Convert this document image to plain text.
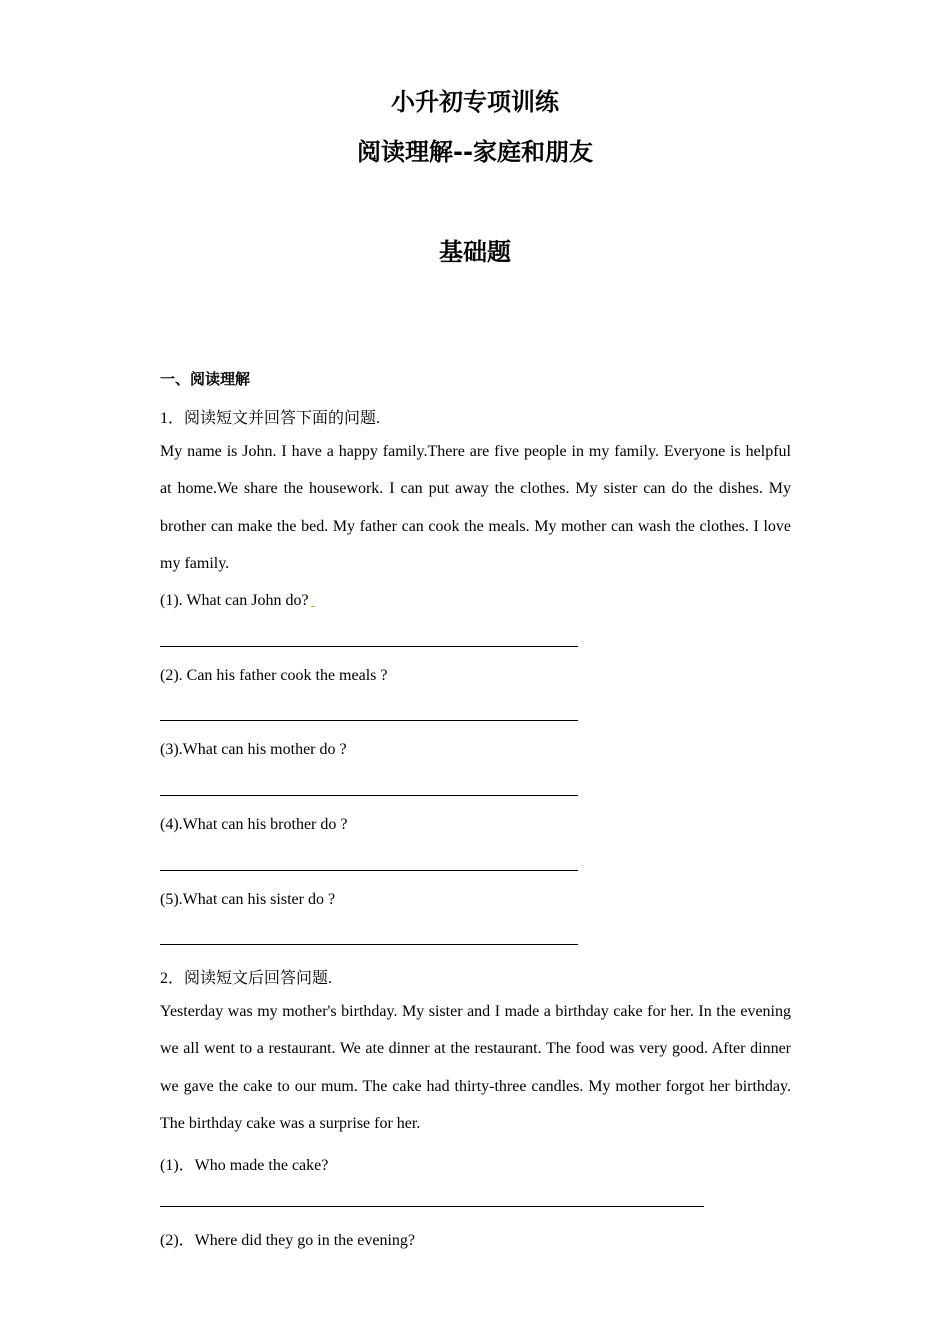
小升初专项训练
阅读理解--家庭和朋友
基础题
一、阅读理解
1．阅读短文并回答下面的问题.
My name is John. I have a happy family.There are five people in my family. Everyone is helpful at home.We share the housework. I can put away the clothes. My sister can do the dishes. My brother can make the bed. My father can cook the meals. My mother can wash the clothes. I love my family.
(1). What can John do?
(2). Can his father cook the meals ?
(3).What can his mother do ?
(4).What can his brother do ?
(5).What can his sister do ?
2．阅读短文后回答问题.
Yesterday was my mother's birthday. My sister and I made a birthday cake for her. In the evening we all went to a restaurant. We ate dinner at the restaurant. The food was very good. After dinner we gave the cake to our mum. The cake had thirty-three candles. My mother forgot her birthday. The birthday cake was a surprise for her.
(1)．Who made the cake?
(2)．Where did they go in the evening?
